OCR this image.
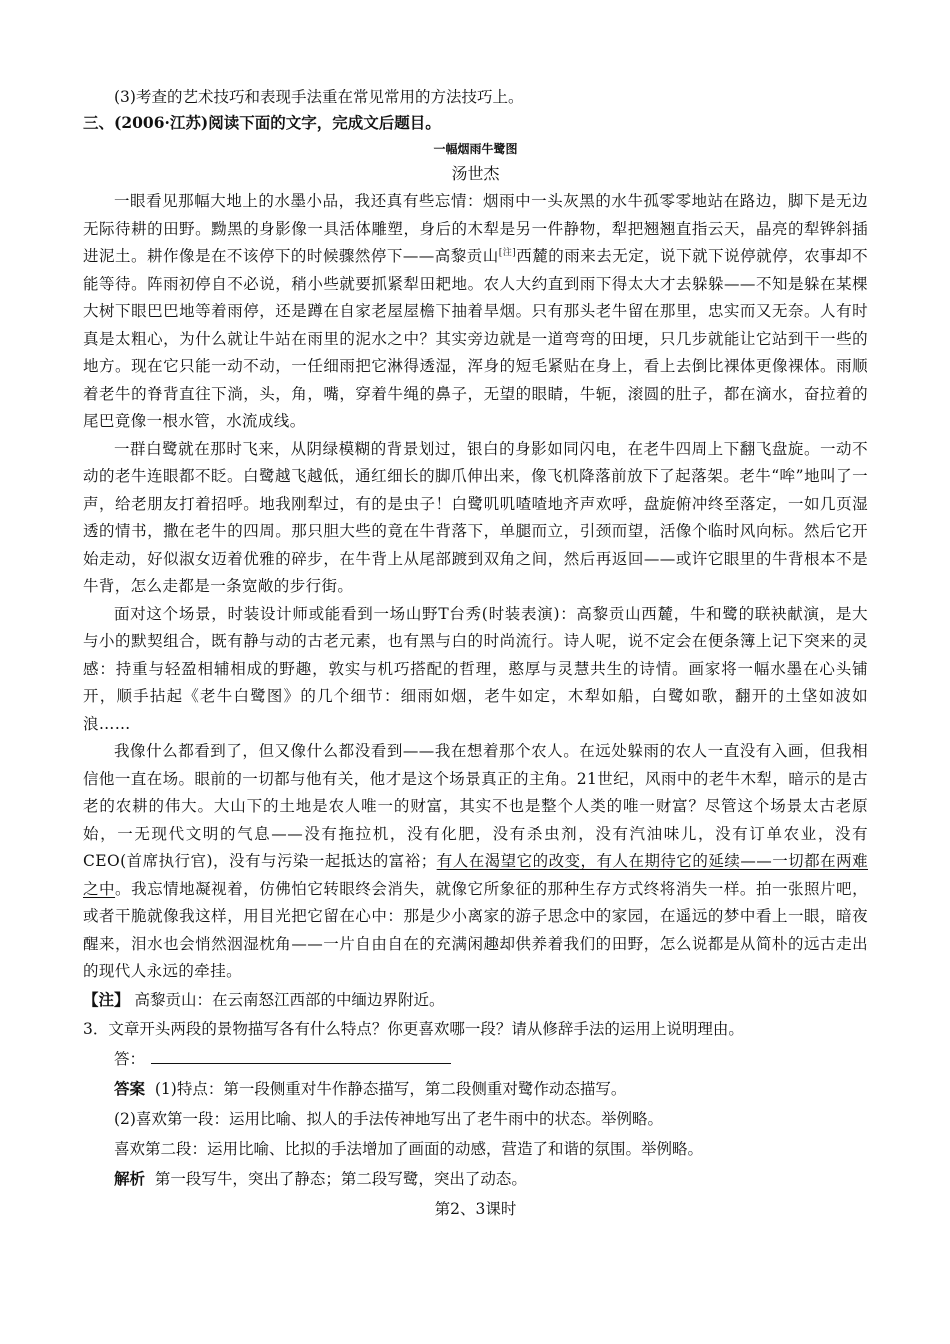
(3)考查的艺术技巧和表现手法重在常见常用的方法技巧上。

三、(2006·江苏)阅读下面的文字，完成文后题目。

一幅烟雨牛鹭图
汤世杰

一眼看见那幅大地上的水墨小品，我还真有些忘情：烟雨中一头灰黑的水牛孤零零地站在路边，脚下是无边无际待耕的田野。黝黑的身影像一具活体雕塑，身后的木犁是另一件静物，犁把翘翘直指云天，晶亮的犁铧斜插进泥土。耕作像是在不该停下的时候骤然停下——高黎贡山[注]西麓的雨来去无定，说下就下说停就停，农事却不能等待。阵雨初停自不必说，稍小些就要抓紧犁田耙地。农人大约直到雨下得太大才去躲躲——不知是躲在某棵大树下眼巴巴地等着雨停，还是蹲在自家老屋屋檐下抽着旱烟。只有那头老牛留在那里，忠实而又无奈。人有时真是太粗心，为什么就让牛站在雨里的泥水之中？其实旁边就是一道弯弯的田埂，只几步就能让它站到干一些的地方。现在它只能一动不动，一任细雨把它淋得透湿，浑身的短毛紧贴在身上，看上去倒比裸体更像裸体。雨顺着老牛的脊背直往下淌，头，角，嘴，穿着牛绳的鼻子，无望的眼睛，牛轭，滚圆的肚子，都在滴水，奋拉着的尾巴竟像一根水管，水流成线。

一群白鹭就在那时飞来，从阴绿模糊的背景划过，银白的身影如同闪电，在老牛四周上下翻飞盘旋。一动不动的老牛连眼都不眨。白鹭越飞越低，通红细长的脚爪伸出来，像飞机降落前放下了起落架。老牛“哞”地叫了一声，给老朋友打着招呼。地我刚犁过，有的是虫子！白鹭叽叽喳喳地齐声欢呼，盘旋俯冲终至落定，一如几页湿透的情书，撒在老牛的四周。那只胆大些的竟在牛背落下，单腿而立，引颈而望，活像个临时风向标。然后它开始走动，好似淑女迈着优雅的碎步，在牛背上从尾部踱到双角之间，然后再返回——或许它眼里的牛背根本不是牛背，怎么走都是一条宽敞的步行街。

面对这个场景，时装设计师或能看到一场山野T台秀(时装表演)：高黎贡山西麓，牛和鹭的联袂献演，是大与小的默契组合，既有静与动的古老元素，也有黑与白的时尚流行。诗人呢，说不定会在便条簿上记下突来的灵感：持重与轻盈相辅相成的野趣，敦实与机巧搭配的哲理，憨厚与灵慧共生的诗情。画家将一幅水墨在心头铺开，顺手拈起《老牛白鹭图》的几个细节：细雨如烟，老牛如定，木犁如船，白鹭如歌，翻开的土垡如波如浪……

我像什么都看到了，但又像什么都没看到——我在想着那个农人。在远处躲雨的农人一直没有入画，但我相信他一直在场。眼前的一切都与他有关，他才是这个场景真正的主角。21世纪，风雨中的老牛木犁，暗示的是古老的农耕的伟大。大山下的土地是农人唯一的财富，其实不也是整个人类的唯一财富？尽管这个场景太古老原始，一无现代文明的气息——没有拖拉机，没有化肥，没有杀虫剂，没有汽油味儿，没有订单农业，没有CEO(首席执行官)，没有与污染一起抵达的富裕；有人在渴望它的改变，有人在期待它的延续——一切都在两难之中。我忘情地凝视着，仿佛怕它转眼终会消失，就像它所象征的那种生存方式终将消失一样。拍一张照片吧，或者干脆就像我这样，用目光把它留在心中：那是少小离家的游子思念中的家园，在遥远的梦中看上一眼，暗夜醒来，泪水也会悄然洇湿枕角——一片自由自在的充满闲趣却供养着我们的田野，怎么说都是从简朴的远古走出的现代人永远的牵挂。

【注】 高黎贡山：在云南怒江西部的中缅边界附近。

3．文章开头两段的景物描写各有什么特点？你更喜欢哪一段？请从修辞手法的运用上说明理由。

答：

答案 (1)特点：第一段侧重对牛作静态描写，第二段侧重对鹭作动态描写。

(2)喜欢第一段：运用比喻、拟人的手法传神地写出了老牛雨中的状态。举例略。

喜欢第二段：运用比喻、比拟的手法增加了画面的动感，营造了和谐的氛围。举例略。

解析 第一段写牛，突出了静态；第二段写鹭，突出了动态。

第2、3课时
